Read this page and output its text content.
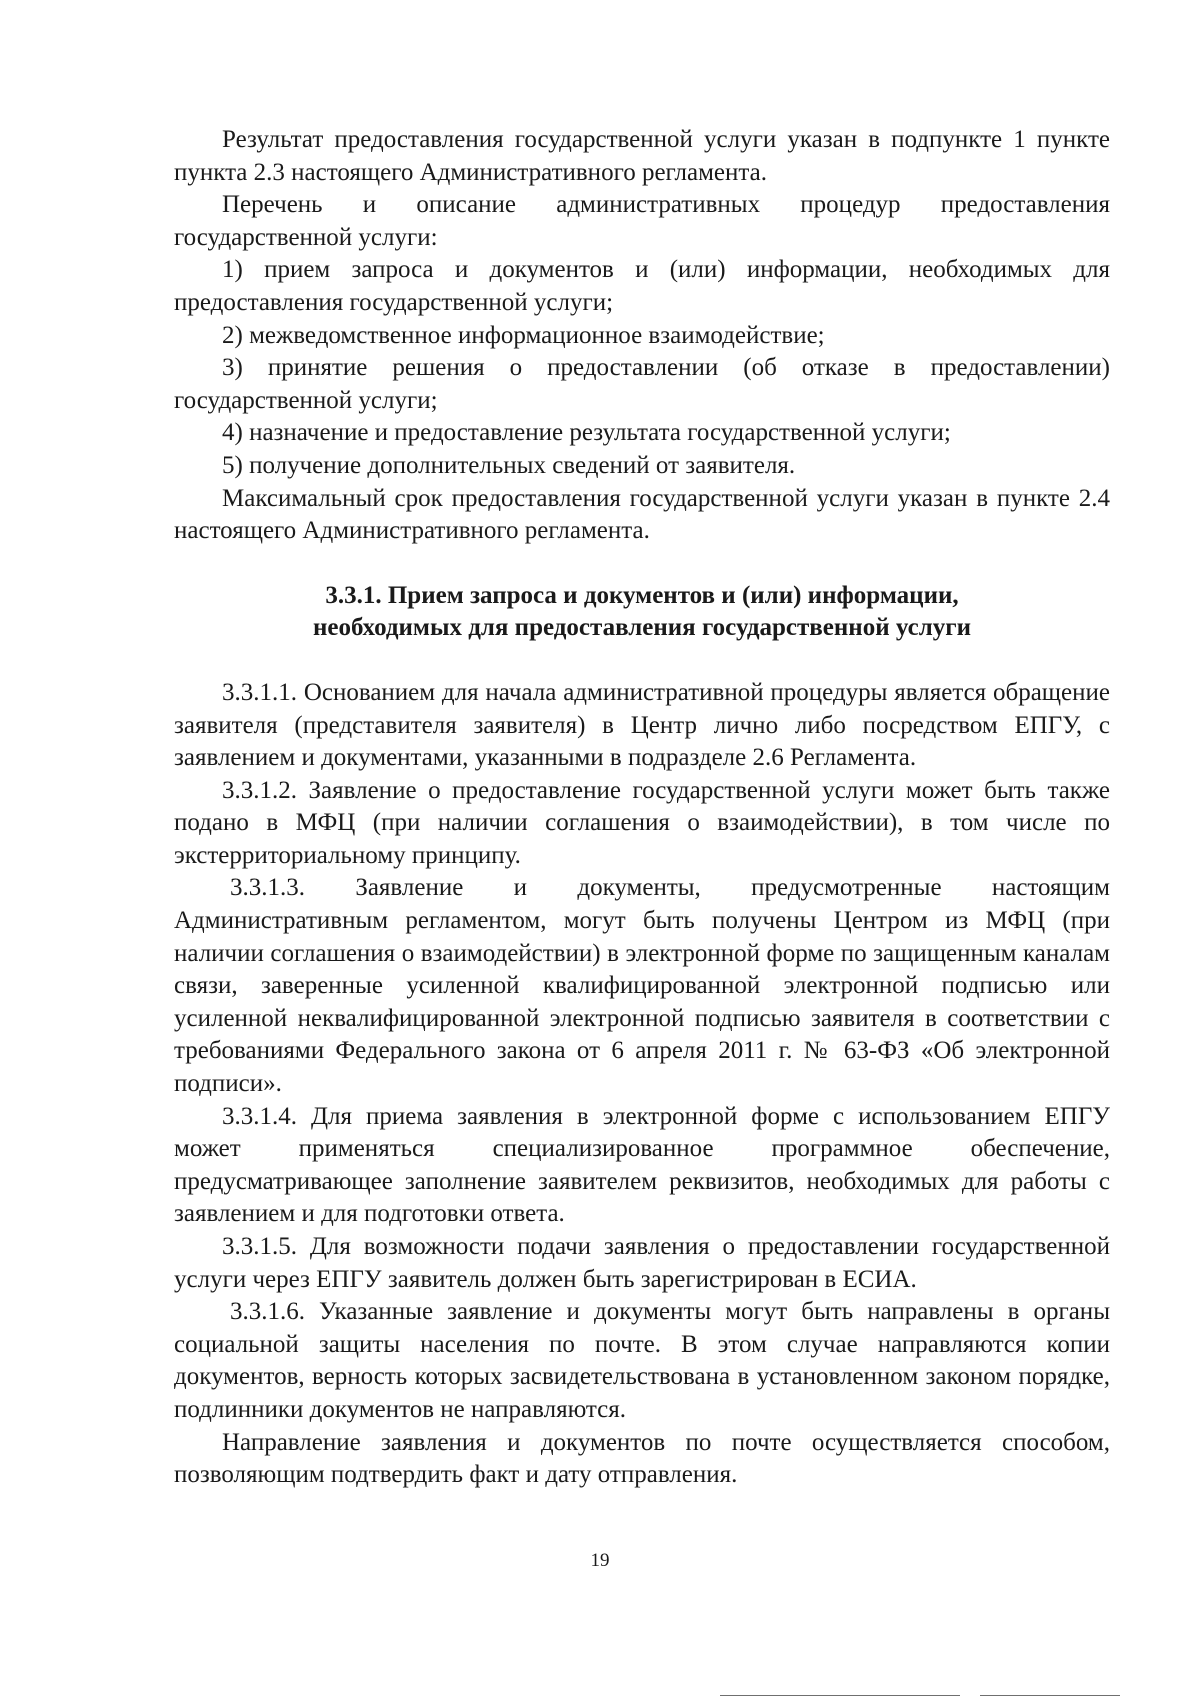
Результат предоставления государственной услуги указан в подпункте 1 пункте пункта 2.3 настоящего Административного регламента.

Перечень и описание административных процедур предоставления государственной услуги:

1) прием запроса и документов и (или) информации, необходимых для предоставления государственной услуги;

2) межведомственное информационное взаимодействие;

3) принятие решения о предоставлении (об отказе в предоставлении) государственной услуги;

4) назначение и предоставление результата государственной услуги;

5) получение дополнительных сведений от заявителя.

Максимальный срок предоставления государственной услуги указан в пункте 2.4 настоящего Административного регламента.

3.3.1. Прием запроса и документов и (или) информации,
необходимых для предоставления государственной услуги

3.3.1.1. Основанием для начала административной процедуры является обращение заявителя (представителя заявителя) в Центр лично либо посредством ЕПГУ, с заявлением и документами, указанными в подразделе 2.6 Регламента.

3.3.1.2. Заявление о предоставление государственной услуги может быть также подано в МФЦ (при наличии соглашения о взаимодействии), в том числе по экстерриториальному принципу.

3.3.1.3. Заявление и документы, предусмотренные настоящим Административным регламентом, могут быть получены Центром из МФЦ (при наличии соглашения о взаимодействии) в электронной форме по защищенным каналам связи, заверенные усиленной квалифицированной электронной подписью или усиленной неквалифицированной электронной подписью заявителя в соответствии с требованиями Федерального закона от 6 апреля 2011 г. № 63-ФЗ «Об электронной подписи».

3.3.1.4. Для приема заявления в электронной форме с использованием ЕПГУ может применяться специализированное программное обеспечение, предусматривающее заполнение заявителем реквизитов, необходимых для работы с заявлением и для подготовки ответа.

3.3.1.5. Для возможности подачи заявления о предоставлении государственной услуги через ЕПГУ заявитель должен быть зарегистрирован в ЕСИА.

3.3.1.6. Указанные заявление и документы могут быть направлены в органы социальной защиты населения по почте. В этом случае направляются копии документов, верность которых засвидетельствована в установленном законом порядке, подлинники документов не направляются.

Направление заявления и документов по почте осуществляется способом, позволяющим подтвердить факт и дату отправления.

19
